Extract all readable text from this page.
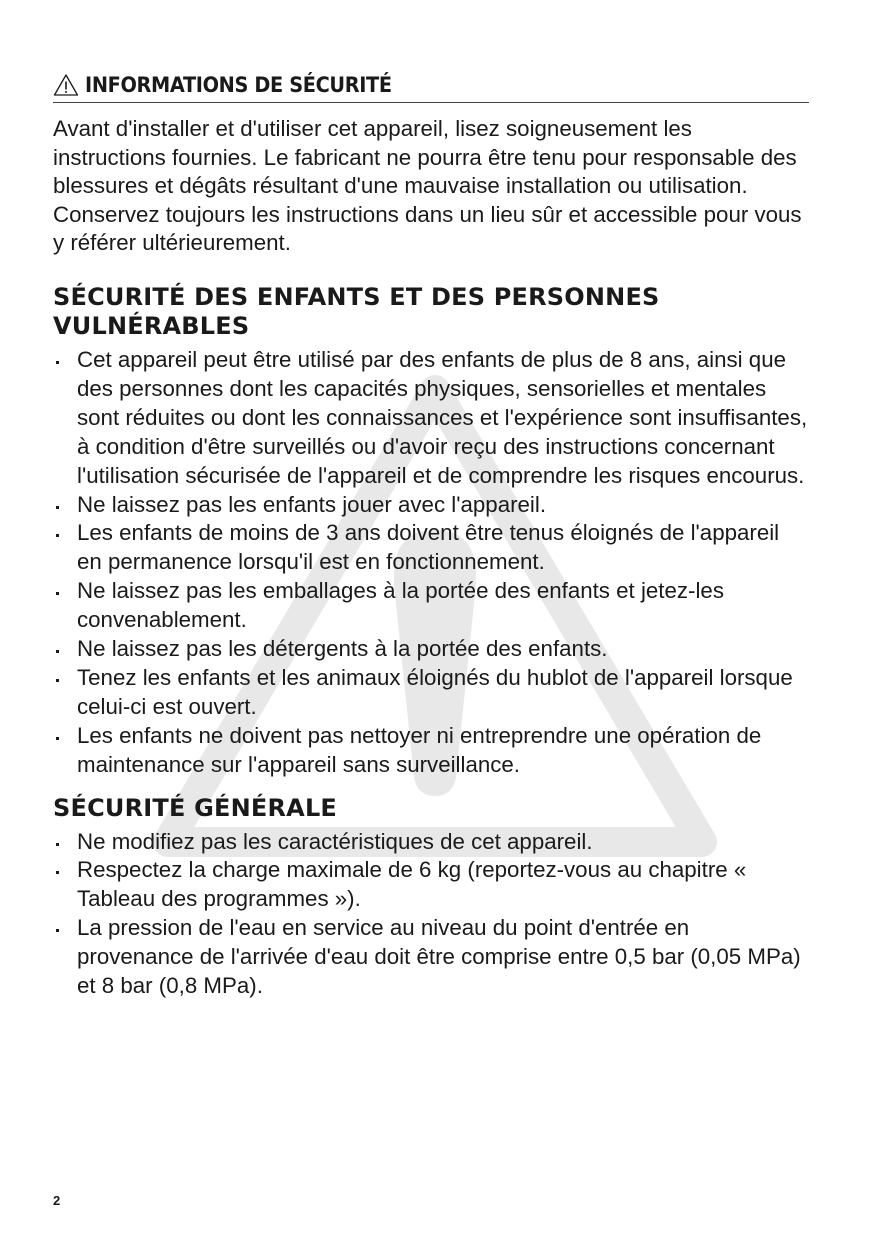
INFORMATIONS DE SÉCURITÉ

Avant d'installer et d'utiliser cet appareil, lisez soigneusement les instructions fournies. Le fabricant ne pourra être tenu pour responsable des blessures et dégâts résultant d'une mauvaise installation ou utilisation. Conservez toujours les instructions dans un lieu sûr et accessible pour vous y référer ultérieurement.

SÉCURITÉ DES ENFANTS ET DES PERSONNES VULNÉRABLES
Cet appareil peut être utilisé par des enfants de plus de 8 ans, ainsi que des personnes dont les capacités physiques, sensorielles et mentales sont réduites ou dont les connaissances et l'expérience sont insuffisantes, à condition d'être surveillés ou d'avoir reçu des instructions concernant l'utilisation sécurisée de l'appareil et de comprendre les risques encourus.
Ne laissez pas les enfants jouer avec l'appareil.
Les enfants de moins de 3 ans doivent être tenus éloignés de l'appareil en permanence lorsqu'il est en fonctionnement.
Ne laissez pas les emballages à la portée des enfants et jetez-les convenablement.
Ne laissez pas les détergents à la portée des enfants.
Tenez les enfants et les animaux éloignés du hublot de l'appareil lorsque celui-ci est ouvert.
Les enfants ne doivent pas nettoyer ni entreprendre une opération de maintenance sur l'appareil sans surveillance.
SÉCURITÉ GÉNÉRALE
Ne modifiez pas les caractéristiques de cet appareil.
Respectez la charge maximale de 6 kg (reportez-vous au chapitre « Tableau des programmes »).
La pression de l'eau en service au niveau du point d'entrée en provenance de l'arrivée d'eau doit être comprise entre 0,5 bar (0,05 MPa) et 8 bar (0,8 MPa).
2
